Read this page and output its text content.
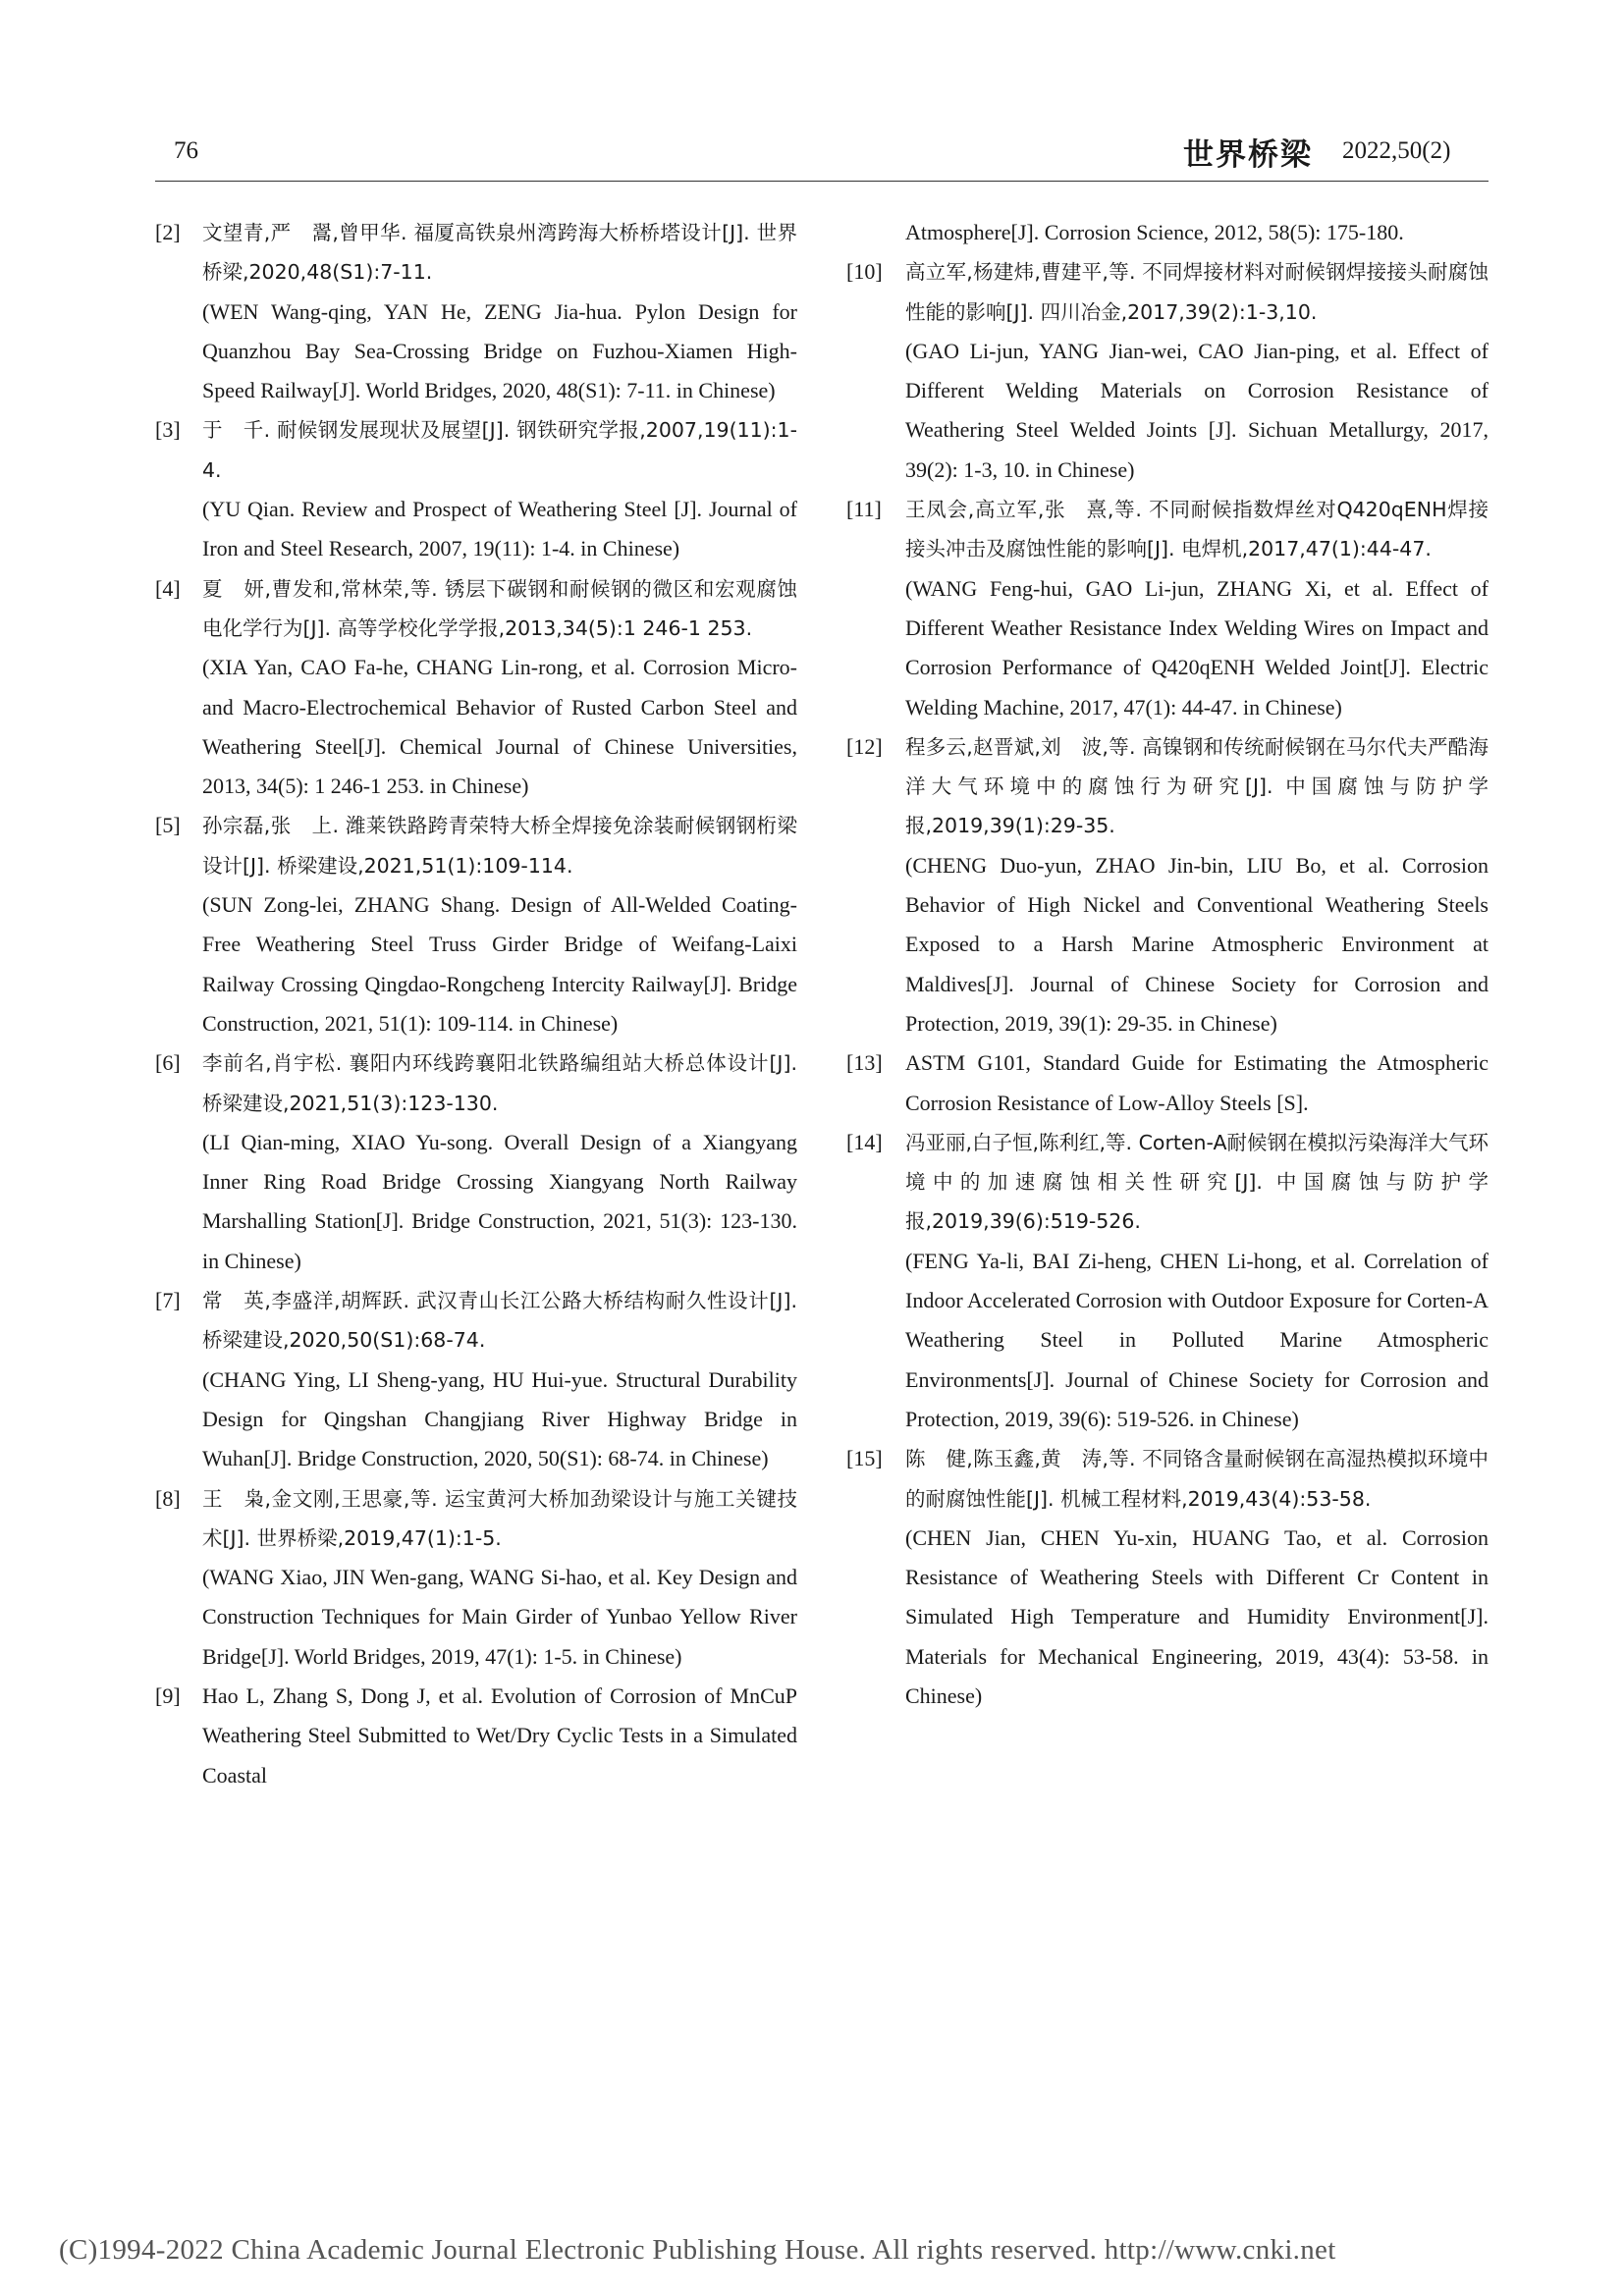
76	世界桥梁 2022,50(2)
[2] 文望青,严　翯,曾甲华. 福厦高铁泉州湾跨海大桥桥塔设计[J]. 世界桥梁,2020,48(S1):7-11.
(WEN Wang-qing, YAN He, ZENG Jia-hua. Pylon Design for Quanzhou Bay Sea-Crossing Bridge on Fuzhou-Xiamen High-Speed Railway[J]. World Bridges, 2020, 48(S1): 7-11. in Chinese)
[3] 于　千. 耐候钢发展现状及展望[J]. 钢铁研究学报,2007,19(11):1-4.
(YU Qian. Review and Prospect of Weathering Steel [J]. Journal of Iron and Steel Research, 2007, 19(11): 1-4. in Chinese)
[4] 夏　妍,曹发和,常林荣,等. 锈层下碳钢和耐候钢的微区和宏观腐蚀电化学行为[J]. 高等学校化学学报,2013,34(5):1 246-1 253.
(XIA Yan, CAO Fa-he, CHANG Lin-rong, et al. Corrosion Micro-and Macro-Electrochemical Behavior of Rusted Carbon Steel and Weathering Steel[J]. Chemical Journal of Chinese Universities, 2013, 34(5): 1 246-1 253. in Chinese)
[5] 孙宗磊,张　上. 潍莱铁路跨青荣特大桥全焊接免涂装耐候钢钢桁梁设计[J]. 桥梁建设,2021,51(1):109-114.
(SUN Zong-lei, ZHANG Shang. Design of All-Welded Coating-Free Weathering Steel Truss Girder Bridge of Weifang-Laixi Railway Crossing Qingdao-Rongcheng Intercity Railway[J]. Bridge Construction, 2021, 51(1): 109-114. in Chinese)
[6] 李前名,肖宇松. 襄阳内环线跨襄阳北铁路编组站大桥总体设计[J]. 桥梁建设,2021,51(3):123-130.
(LI Qian-ming, XIAO Yu-song. Overall Design of a Xiangyang Inner Ring Road Bridge Crossing Xiangyang North Railway Marshalling Station[J]. Bridge Construction, 2021, 51(3): 123-130. in Chinese)
[7] 常　英,李盛洋,胡辉跃. 武汉青山长江公路大桥结构耐久性设计[J]. 桥梁建设,2020,50(S1):68-74.
(CHANG Ying, LI Sheng-yang, HU Hui-yue. Structural Durability Design for Qingshan Changjiang River Highway Bridge in Wuhan[J]. Bridge Construction, 2020, 50(S1): 68-74. in Chinese)
[8] 王　枭,金文刚,王思豪,等. 运宝黄河大桥加劲梁设计与施工关键技术[J]. 世界桥梁,2019,47(1):1-5.
(WANG Xiao, JIN Wen-gang, WANG Si-hao, et al. Key Design and Construction Techniques for Main Girder of Yunbao Yellow River Bridge[J]. World Bridges, 2019, 47(1): 1-5. in Chinese)
[9] Hao L, Zhang S, Dong J, et al. Evolution of Corrosion of MnCuP Weathering Steel Submitted to Wet/Dry Cyclic Tests in a Simulated Coastal
Atmosphere[J]. Corrosion Science, 2012, 58(5): 175-180.
[10] 高立军,杨建炜,曹建平,等. 不同焊接材料对耐候钢焊接接头耐腐蚀性能的影响[J]. 四川冶金,2017,39(2):1-3,10.
(GAO Li-jun, YANG Jian-wei, CAO Jian-ping, et al. Effect of Different Welding Materials on Corrosion Resistance of Weathering Steel Welded Joints [J]. Sichuan Metallurgy, 2017, 39(2): 1-3, 10. in Chinese)
[11] 王凤会,高立军,张　熹,等. 不同耐候指数焊丝对Q420qENH焊接接头冲击及腐蚀性能的影响[J]. 电焊机,2017,47(1):44-47.
(WANG Feng-hui, GAO Li-jun, ZHANG Xi, et al. Effect of Different Weather Resistance Index Welding Wires on Impact and Corrosion Performance of Q420qENH Welded Joint[J]. Electric Welding Machine, 2017, 47(1): 44-47. in Chinese)
[12] 程多云,赵晋斌,刘　波,等. 高镍钢和传统耐候钢在马尔代夫严酷海洋大气环境中的腐蚀行为研究[J]. 中国腐蚀与防护学报,2019,39(1):29-35.
(CHENG Duo-yun, ZHAO Jin-bin, LIU Bo, et al. Corrosion Behavior of High Nickel and Conventional Weathering Steels Exposed to a Harsh Marine Atmospheric Environment at Maldives[J]. Journal of Chinese Society for Corrosion and Protection, 2019, 39(1): 29-35. in Chinese)
[13] ASTM G101, Standard Guide for Estimating the Atmospheric Corrosion Resistance of Low-Alloy Steels [S].
[14] 冯亚丽,白子恒,陈利红,等. Corten-A耐候钢在模拟污染海洋大气环境中的加速腐蚀相关性研究[J]. 中国腐蚀与防护学报,2019,39(6):519-526.
(FENG Ya-li, BAI Zi-heng, CHEN Li-hong, et al. Correlation of Indoor Accelerated Corrosion with Outdoor Exposure for Corten-A Weathering Steel in Polluted Marine Atmospheric Environments[J]. Journal of Chinese Society for Corrosion and Protection, 2019, 39(6): 519-526. in Chinese)
[15] 陈　健,陈玉鑫,黄　涛,等. 不同铬含量耐候钢在高湿热模拟环境中的耐腐蚀性能[J]. 机械工程材料,2019,43(4):53-58.
(CHEN Jian, CHEN Yu-xin, HUANG Tao, et al. Corrosion Resistance of Weathering Steels with Different Cr Content in Simulated High Temperature and Humidity Environment[J]. Materials for Mechanical Engineering, 2019, 43(4): 53-58. in Chinese)
(C)1994-2022 China Academic Journal Electronic Publishing House. All rights reserved. http://www.cnki.net
